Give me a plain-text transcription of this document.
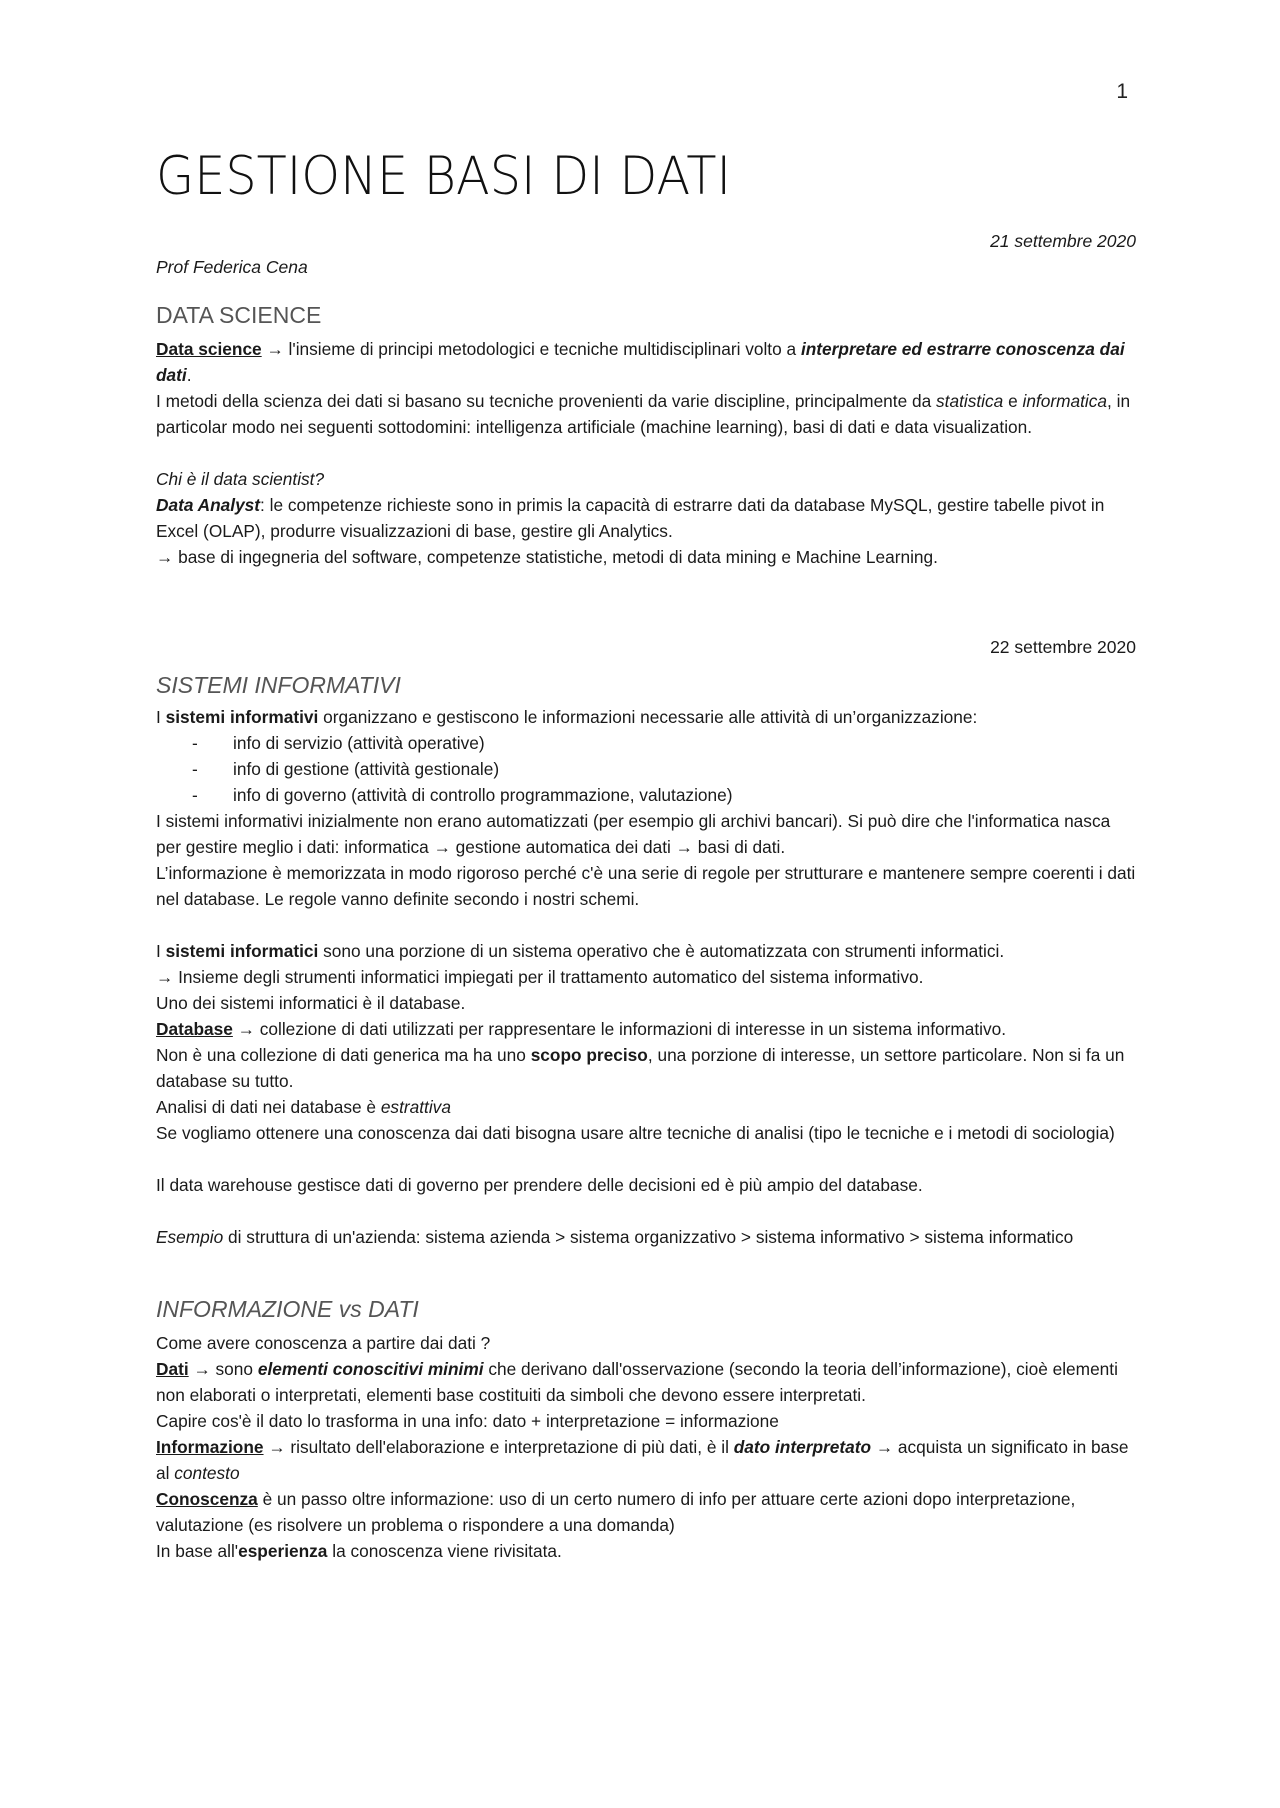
1
GESTIONE BASI DI DATI
21 settembre 2020
Prof Federica Cena
DATA SCIENCE

Data science → l'insieme di principi metodologici e tecniche multidisciplinari volto a interpretare ed estrarre conoscenza dai dati.

I metodi della scienza dei dati si basano su tecniche provenienti da varie discipline, principalmente da statistica e informatica, in particolar modo nei seguenti sottodomini: intelligenza artificiale (machine learning), basi di dati e data visualization.

Chi è il data scientist?

Data Analyst: le competenze richieste sono in primis la capacità di estrarre dati da database MySQL, gestire tabelle pivot in Excel (OLAP), produrre visualizzazioni di base, gestire gli Analytics.

→ base di ingegneria del software, competenze statistiche, metodi di data mining e Machine Learning.

22 settembre 2020
SISTEMI INFORMATIVI

I sistemi informativi organizzano e gestiscono le informazioni necessarie alle attività di un’organizzazione:

- info di servizio (attività operative)
- info di gestione (attività gestionale)
- info di governo (attività di controllo programmazione, valutazione)

I sistemi informativi inizialmente non erano automatizzati (per esempio gli archivi bancari). Si può dire che l'informatica nasca per gestire meglio i dati: informatica → gestione automatica dei dati → basi di dati.

L’informazione è memorizzata in modo rigoroso perché c'è una serie di regole per strutturare e mantenere sempre coerenti i dati nel database. Le regole vanno definite secondo i nostri schemi.

I sistemi informatici sono una porzione di un sistema operativo che è automatizzata con strumenti informatici.

→ Insieme degli strumenti informatici impiegati per il trattamento automatico del sistema informativo.

Uno dei sistemi informatici è il database.

Database → collezione di dati utilizzati per rappresentare le informazioni di interesse in un sistema informativo.

Non è una collezione di dati generica ma ha uno scopo preciso, una porzione di interesse, un settore particolare. Non si fa un database su tutto.

Analisi di dati nei database è estrattiva

Se vogliamo ottenere una conoscenza dai dati bisogna usare altre tecniche di analisi (tipo le tecniche e i metodi di sociologia)

Il data warehouse gestisce dati di governo per prendere delle decisioni ed è più ampio del database.

Esempio di struttura di un'azienda: sistema azienda > sistema organizzativo > sistema informativo > sistema informatico

INFORMAZIONE vs DATI

Come avere conoscenza a partire dai dati ?

Dati → sono elementi conoscitivi minimi che derivano dall'osservazione (secondo la teoria dell’informazione), cioè elementi non elaborati o interpretati, elementi base costituiti da simboli che devono essere interpretati.

Capire cos'è il dato lo trasforma in una info: dato + interpretazione = informazione

Informazione → risultato dell'elaborazione e interpretazione di più dati, è il dato interpretato → acquista un significato in base al contesto

Conoscenza è un passo oltre informazione: uso di un certo numero di info per attuare certe azioni dopo interpretazione, valutazione (es risolvere un problema o rispondere a una domanda)

In base all'esperienza la conoscenza viene rivisitata.
